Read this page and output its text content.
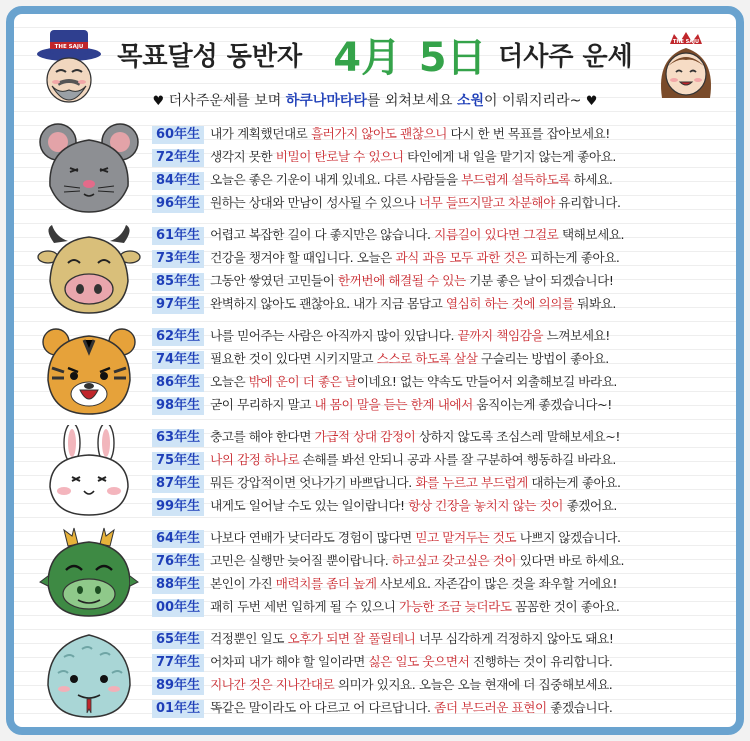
THE SAJU	목표달성 동반자 4月 5日 더사주 운세	THE SAJU
♥ 더사주운세를 보며 하쿠나마타타를 외쳐보세요 소원이 이뤄지리라~ ♥
60年生 내가 계획했던대로 흘러가지 않아도 괜찮으니 다시 한 번 목표를 잡아보세요!
72年生 생각지 못한 비밀이 탄로날 수 있으니 타인에게 내 일을 맡기지 않는게 좋아요.
84年生 오늘은 좋은 기운이 내게 있네요. 다른 사람들을 부드럽게 설득하도록 하세요.
96年生 원하는 상대와 만남이 성사될 수 있으나 너무 들뜨지말고 차분해야 유리합니다.
61年生 어렵고 복잡한 길이 다 좋지만은 않습니다. 지름길이 있다면 그걸로 택해보세요.
73年生 건강을 챙겨야 할 때입니다. 오늘은 과식 과음 모두 과한 것은 피하는게 좋아요.
85年生 그동안 쌓였던 고민들이 한꺼번에 해결될 수 있는 기분 좋은 날이 되겠습니다!
97年生 완벽하지 않아도 괜찮아요. 내가 지금 몸담고 열심히 하는 것에 의의를 둬봐요.
62年生 나를 믿어주는 사람은 아직까지 많이 있답니다. 끝까지 책임감을 느껴보세요!
74年生 필요한 것이 있다면 시키지말고 스스로 하도록 살살 구슬리는 방법이 좋아요.
86年生 오늘은 밖에 운이 더 좋은 날이네요! 없는 약속도 만들어서 외출해보길 바라요.
98年生 굳이 무리하지 말고 내 몸이 말을 듣는 한계 내에서 움직이는게 좋겠습니다~!
63年生 충고를 해야 한다면 가급적 상대 감정이 상하지 않도록 조심스레 말해보세요~!
75年生 나의 감정 하나로 손해를 봐선 안되니 공과 사를 잘 구분하여 행동하길 바라요.
87年生 뭐든 강압적이면 엇나가기 바쁘답니다. 화를 누르고 부드럽게 대하는게 좋아요.
99年生 내게도 일어날 수도 있는 일이랍니다! 항상 긴장을 놓치지 않는 것이 좋겠어요.
64年生 나보다 연배가 낮더라도 경험이 많다면 믿고 맡겨두는 것도 나쁘지 않겠습니다.
76年生 고민은 실행만 늦어질 뿐이랍니다. 하고싶고 갖고싶은 것이 있다면 바로 하세요.
88年生 본인이 가진 매력치를 좀더 높게 사보세요. 자존감이 많은 것을 좌우할 거에요!
00年生 괘히 두번 세번 일하게 될 수 있으니 가능한 조금 늦더라도 꼼꼼한 것이 좋아요.
65年生 걱정뿐인 일도 오후가 되면 잘 풀릴테니 너무 심각하게 걱정하지 않아도 돼요!
77年生 어차피 내가 해야 할 일이라면 싫은 일도 웃으면서 진행하는 것이 유리합니다.
89年生 지나간 것은 지나간대로 의미가 있지요. 오늘은 오늘 현재에 더 집중해보세요.
01年生 똑같은 말이라도 아 다르고 어 다르답니다. 좀더 부드러운 표현이 좋겠습니다.
